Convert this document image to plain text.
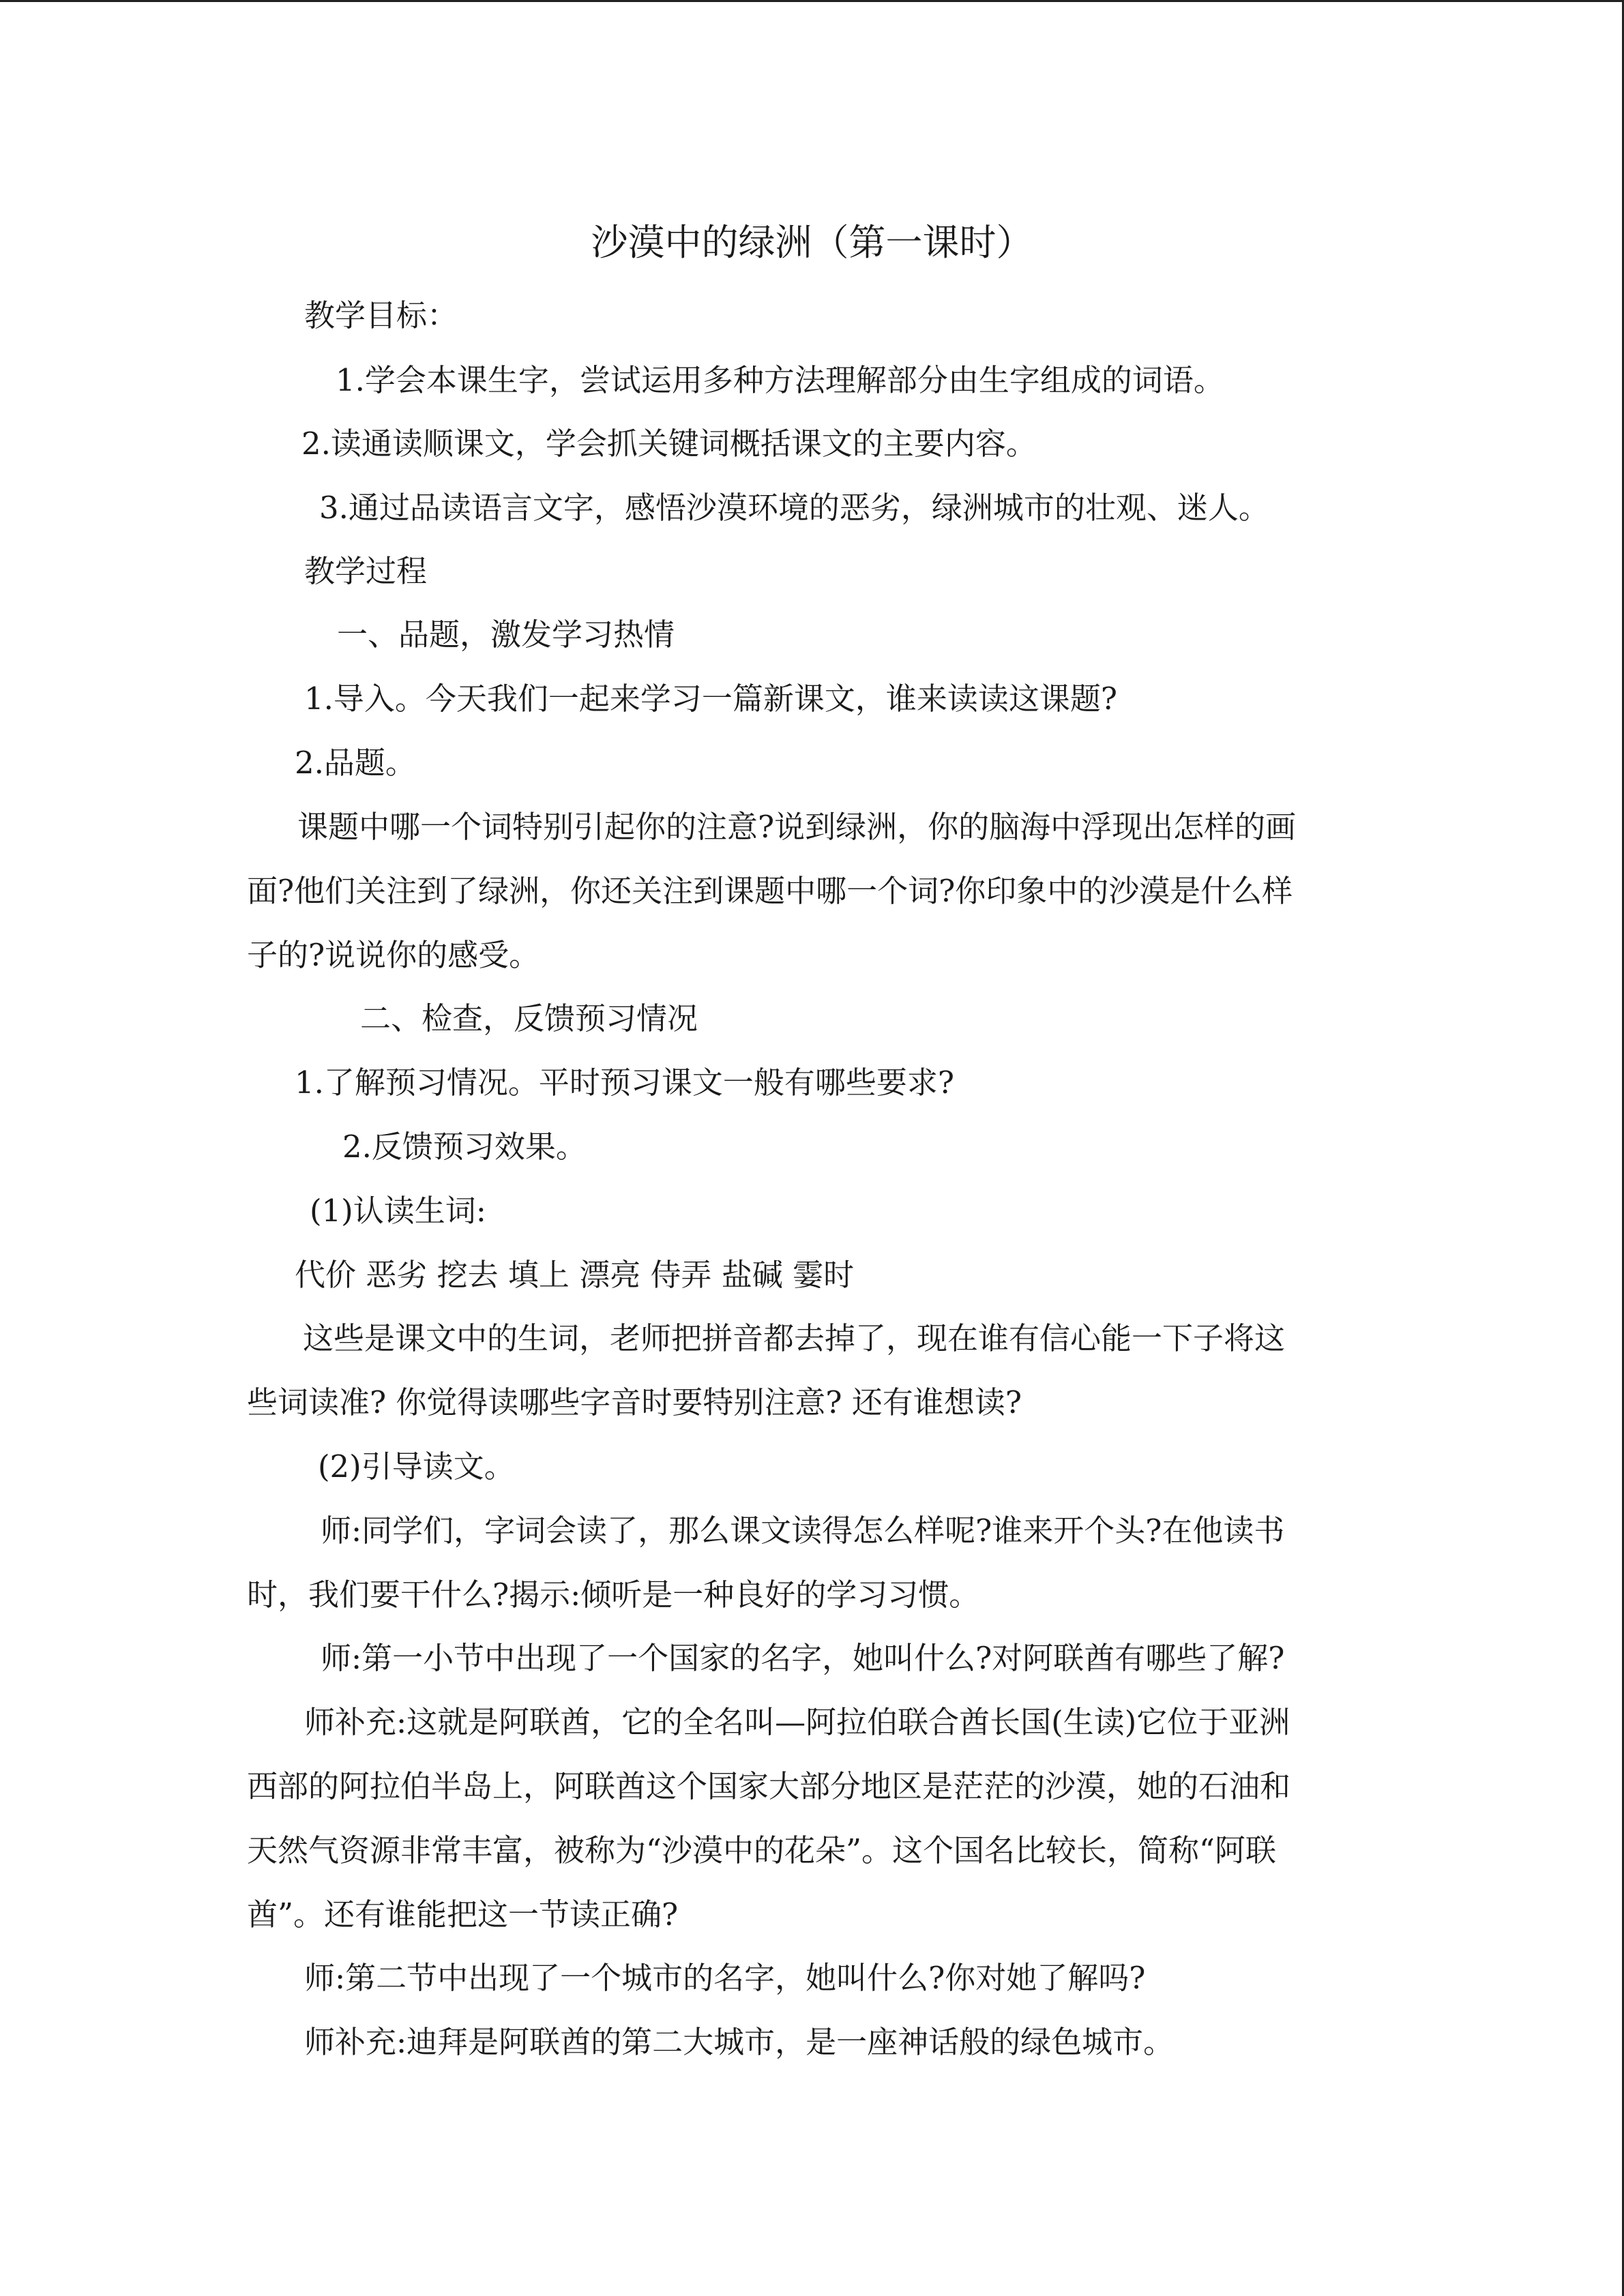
沙漠中的绿洲（第一课时）
教学目标：
1.学会本课生字，尝试运用多种方法理解部分由生字组成的词语。
2.读通读顺课文，学会抓关键词概括课文的主要内容。
3.通过品读语言文字，感悟沙漠环境的恶劣，绿洲城市的壮观、迷人。
教学过程
一、品题，激发学习热情
1.导入。今天我们一起来学习一篇新课文，谁来读读这课题?
2.品题。
课题中哪一个词特别引起你的注意?说到绿洲，你的脑海中浮现出怎样的画
面?他们关注到了绿洲，你还关注到课题中哪一个词?你印象中的沙漠是什么样
子的?说说你的感受。
二、检查，反馈预习情况
1.了解预习情况。平时预习课文一般有哪些要求?
2.反馈预习效果。
(1)认读生词:
代价 恶劣 挖去 填上 漂亮 侍弄 盐碱 霎时
这些是课文中的生词，老师把拼音都去掉了，现在谁有信心能一下子将这
些词读准? 你觉得读哪些字音时要特别注意? 还有谁想读?
(2)引导读文。
师:同学们，字词会读了，那么课文读得怎么样呢?谁来开个头?在他读书
时，我们要干什么?揭示:倾听是一种良好的学习习惯。
师:第一小节中出现了一个国家的名字，她叫什么?对阿联酋有哪些了解?
师补充:这就是阿联酋，它的全名叫—阿拉伯联合酋长国(生读)它位于亚洲
西部的阿拉伯半岛上，阿联酋这个国家大部分地区是茫茫的沙漠，她的石油和
天然气资源非常丰富，被称为“沙漠中的花朵”。这个国名比较长，简称“阿联
酋”。还有谁能把这一节读正确?
师:第二节中出现了一个城市的名字，她叫什么?你对她了解吗?
师补充:迪拜是阿联酋的第二大城市，是一座神话般的绿色城市。
